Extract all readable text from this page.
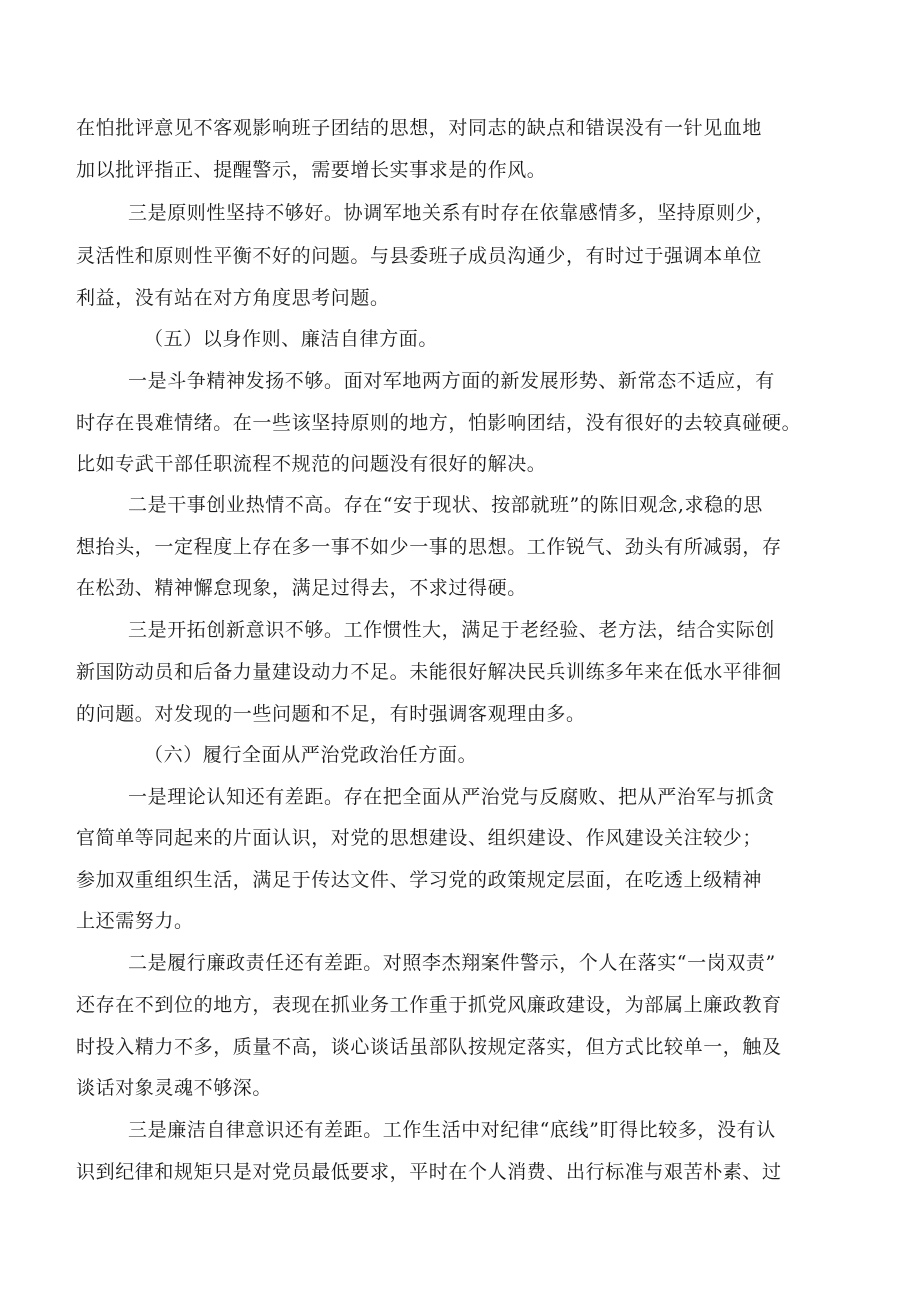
在怕批评意见不客观影响班子团结的思想，对同志的缺点和错误没有一针见血地
加以批评指正、提醒警示，需要增长实事求是的作风。
三是原则性坚持不够好。协调军地关系有时存在依靠感情多，坚持原则少，
灵活性和原则性平衡不好的问题。与县委班子成员沟通少，有时过于强调本单位
利益，没有站在对方角度思考问题。
（五）以身作则、廉洁自律方面。
一是斗争精神发扬不够。面对军地两方面的新发展形势、新常态不适应，有
时存在畏难情绪。在一些该坚持原则的地方，怕影响团结，没有很好的去较真碰硬。
比如专武干部任职流程不规范的问题没有很好的解决。
二是干事创业热情不高。存在“安于现状、按部就班”的陈旧观念,求稳的思
想抬头，一定程度上存在多一事不如少一事的思想。工作锐气、劲头有所减弱，存
在松劲、精神懈怠现象，满足过得去，不求过得硬。
三是开拓创新意识不够。工作惯性大，满足于老经验、老方法，结合实际创
新国防动员和后备力量建设动力不足。未能很好解决民兵训练多年来在低水平徘徊
的问题。对发现的一些问题和不足，有时强调客观理由多。
（六）履行全面从严治党政治任方面。
一是理论认知还有差距。存在把全面从严治党与反腐败、把从严治军与抓贪
官简单等同起来的片面认识，对党的思想建设、组织建设、作风建设关注较少；
参加双重组织生活，满足于传达文件、学习党的政策规定层面，在吃透上级精神
上还需努力。
二是履行廉政责任还有差距。对照李杰翔案件警示，个人在落实“一岗双责”
还存在不到位的地方，表现在抓业务工作重于抓党风廉政建设，为部属上廉政教育
时投入精力不多，质量不高，谈心谈话虽部队按规定落实，但方式比较单一，触及
谈话对象灵魂不够深。
三是廉洁自律意识还有差距。工作生活中对纪律“底线”盯得比较多，没有认
识到纪律和规矩只是对党员最低要求，平时在个人消费、出行标准与艰苦朴素、过
